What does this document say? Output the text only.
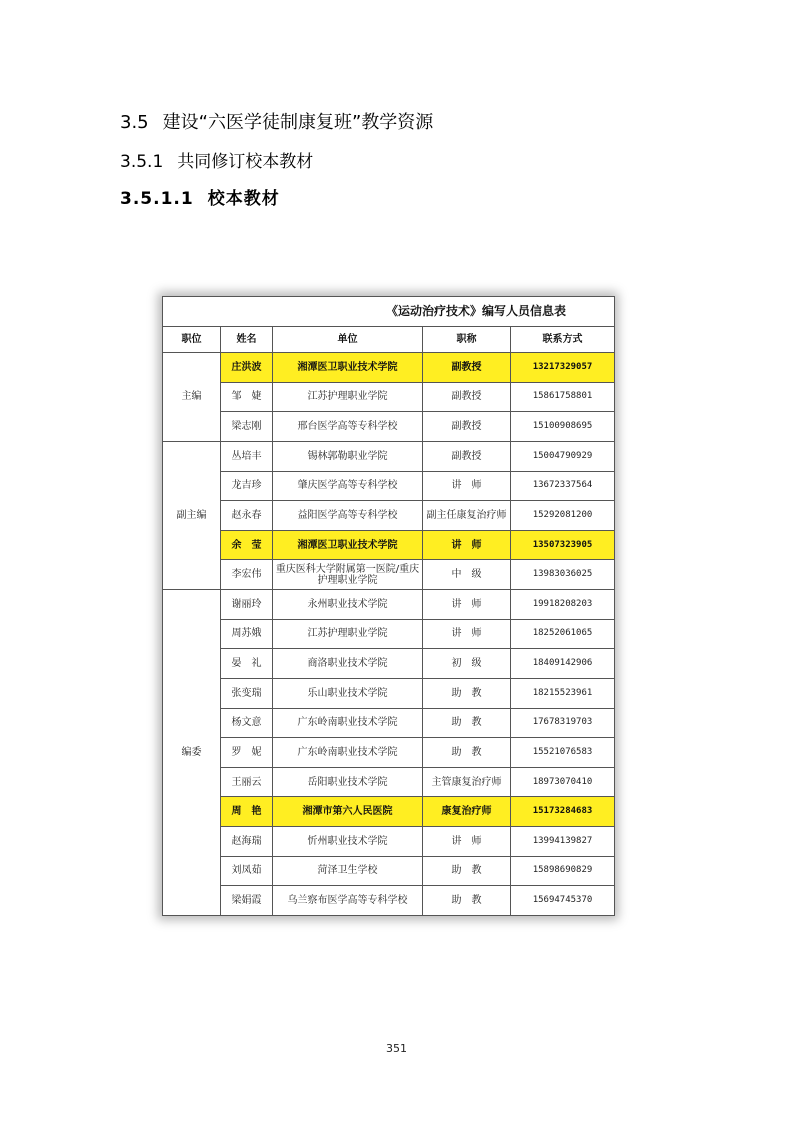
3.5 建设“六医学徒制康复班”教学资源
3.5.1 共同修订校本教材
3.5.1.1 校本教材
《运动治疗技术》编写人员信息表				
职位	姓名	单位	职称	联系方式
主编	庄洪波	湘潭医卫职业技术学院	副教授	13217329057
	邹　婕	江苏护理职业学院	副教授	15861758801
	梁志刚	邢台医学高等专科学校	副教授	15100908695
副主编	丛培丰	锡林郭勒职业学院	副教授	15004790929
	龙吉珍	肇庆医学高等专科学校	讲　师	13672337564
	赵永春	益阳医学高等专科学校	副主任康复治疗师	15292081200
	余　莹	湘潭医卫职业技术学院	讲　师	13507323905
	李宏伟	重庆医科大学附属第一医院/重庆护理职业学院	中　级	13983036025
编委	谢丽玲	永州职业技术学院	讲　师	19918208203
	周苏娥	江苏护理职业学院	讲　师	18252061065
	晏　礼	商洛职业技术学院	初　级	18409142906
	张变瑞	乐山职业技术学院	助　教	18215523961
	杨文意	广东岭南职业技术学院	助　教	17678319703
	罗　妮	广东岭南职业技术学院	助　教	15521076583
	王丽云	岳阳职业技术学院	主管康复治疗师	18973070410
	周　艳	湘潭市第六人民医院	康复治疗师	15173284683
	赵海瑞	忻州职业技术学院	讲　师	13994139827
	刘凤茹	菏泽卫生学校	助　教	15898690829
	梁娟霞	乌兰察布医学高等专科学校	助　教	15694745370
351
